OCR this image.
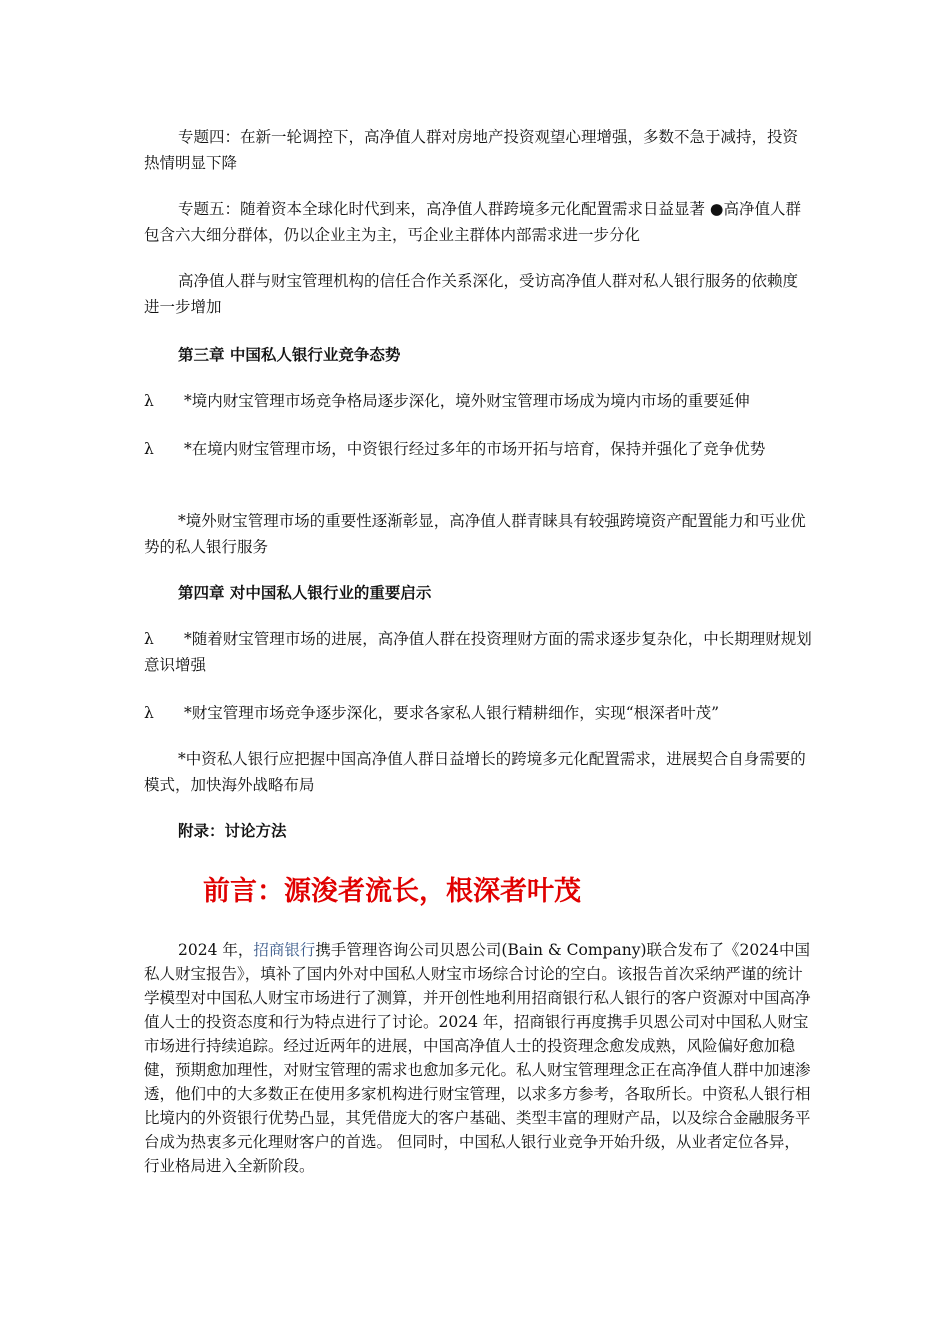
专题四：在新一轮调控下，高净值人群对房地产投资观望心理增强，多数不急于减持，投资热情明显下降

专题五：随着资本全球化时代到来，高净值人群跨境多元化配置需求日益显著 ●高净值人群包含六大细分群体，仍以企业主为主，丐企业主群体内部需求进一步分化

高净值人群与财宝管理机构的信任合作关系深化，受访高净值人群对私人银行服务的依赖度进一步增加

第三章 中国私人银行业竞争态势

λ *境内财宝管理市场竞争格局逐步深化，境外财宝管理市场成为境内市场的重要延伸

λ *在境内财宝管理市场，中资银行经过多年的市场开拓与培育，保持并强化了竞争优势

*境外财宝管理市场的重要性逐渐彰显，高净值人群青睐具有较强跨境资产配置能力和丐业优势的私人银行服务

第四章 对中国私人银行业的重要启示

λ *随着财宝管理市场的进展，高净值人群在投资理财方面的需求逐步复杂化，中长期理财规划意识增强

λ *财宝管理市场竞争逐步深化，要求各家私人银行精耕细作，实现“根深者叶茂”

*中资私人银行应把握中国高净值人群日益增长的跨境多元化配置需求，进展契合自身需要的模式，加快海外战略布局

附录：讨论方法

前言：源浚者流长，根深者叶茂

2024 年，招商银行携手管理咨询公司贝恩公司(Bain & Company)联合发布了《2024中国私人财宝报告》，填补了国内外对中国私人财宝市场综合讨论的空白。该报告首次采纳严谨的统计学模型对中国私人财宝市场进行了测算，并开创性地利用招商银行私人银行的客户资源对中国高净值人士的投资态度和行为特点进行了讨论。2024 年，招商银行再度携手贝恩公司对中国私人财宝市场进行持续追踪。经过近两年的进展，中国高净值人士的投资理念愈发成熟，风险偏好愈加稳健，预期愈加理性，对财宝管理的需求也愈加多元化。私人财宝管理理念正在高净值人群中加速渗透，他们中的大多数正在使用多家机构进行财宝管理，以求多方参考，各取所长。中资私人银行相比境内的外资银行优势凸显，其凭借庞大的客户基础、类型丰富的理财产品，以及综合金融服务平台成为热衷多元化理财客户的首选。 但同时，中国私人银行业竞争开始升级，从业者定位各异，行业格局进入全新阶段。
